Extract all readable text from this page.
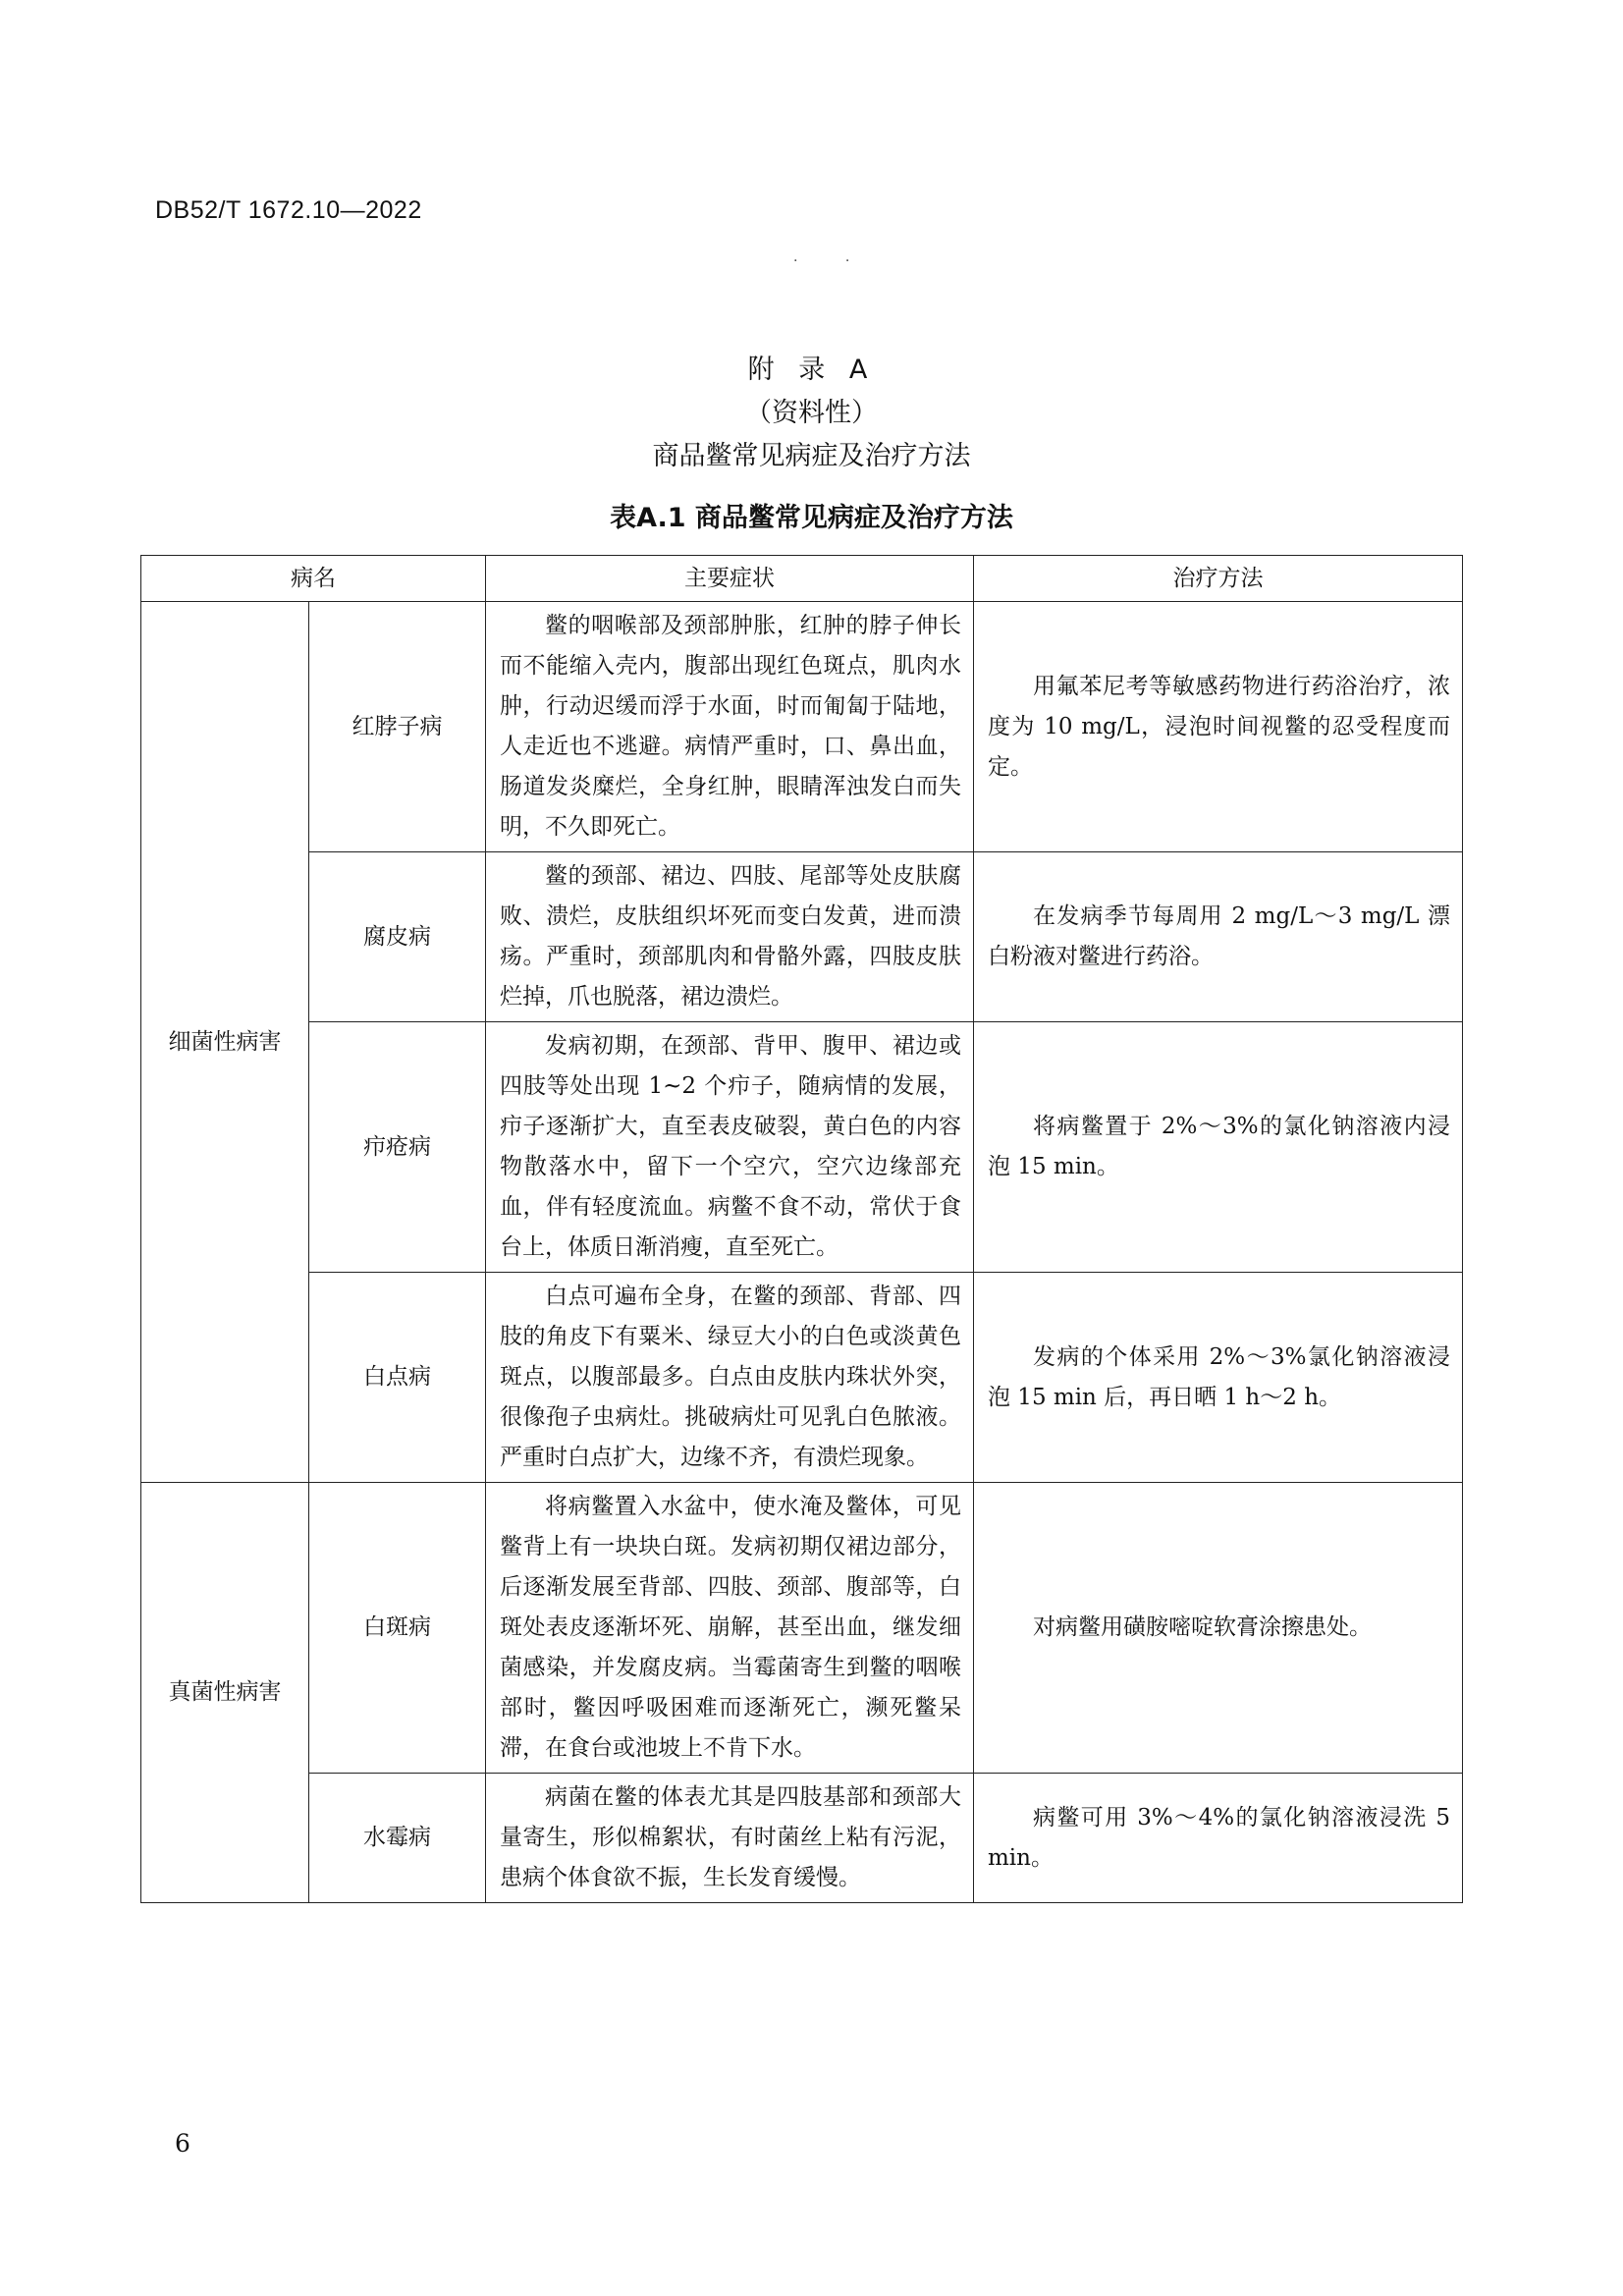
DB52/T 1672.10—2022
. .
附 录 A
（资料性）
商品鳖常见病症及治疗方法
表A.1 商品鳖常见病症及治疗方法
病名		主要症状	治疗方法
细菌性病害	红脖子病	鳖的咽喉部及颈部肿胀，红肿的脖子伸长而不能缩入壳内，腹部出现红色斑点，肌肉水肿，行动迟缓而浮于水面，时而匍匐于陆地，人走近也不逃避。病情严重时，口、鼻出血，肠道发炎糜烂，全身红肿，眼睛浑浊发白而失明，不久即死亡。	用氟苯尼考等敏感药物进行药浴治疗，浓度为 10 mg/L，浸泡时间视鳖的忍受程度而定。
	腐皮病	鳖的颈部、裙边、四肢、尾部等处皮肤腐败、溃烂，皮肤组织坏死而变白发黄，进而溃疡。严重时，颈部肌肉和骨骼外露，四肢皮肤烂掉，爪也脱落，裙边溃烂。	在发病季节每周用 2 mg/L～3 mg/L 漂白粉液对鳖进行药浴。
	疖疮病	发病初期，在颈部、背甲、腹甲、裙边或四肢等处出现 1~2 个疖子，随病情的发展，疖子逐渐扩大，直至表皮破裂，黄白色的内容物散落水中，留下一个空穴，空穴边缘部充血，伴有轻度流血。病鳖不食不动，常伏于食台上，体质日渐消瘦，直至死亡。	将病鳖置于 2%～3%的氯化钠溶液内浸泡 15 min。
	白点病	白点可遍布全身，在鳖的颈部、背部、四肢的角皮下有粟米、绿豆大小的白色或淡黄色斑点，以腹部最多。白点由皮肤内珠状外突，很像孢子虫病灶。挑破病灶可见乳白色脓液。严重时白点扩大，边缘不齐，有溃烂现象。	发病的个体采用 2%～3%氯化钠溶液浸泡 15 min 后，再日晒 1 h～2 h。
真菌性病害	白斑病	将病鳖置入水盆中，使水淹及鳖体，可见鳖背上有一块块白斑。发病初期仅裙边部分，后逐渐发展至背部、四肢、颈部、腹部等，白斑处表皮逐渐坏死、崩解，甚至出血，继发细菌感染，并发腐皮病。当霉菌寄生到鳖的咽喉部时，鳖因呼吸困难而逐渐死亡，濒死鳖呆滞，在食台或池坡上不肯下水。	对病鳖用磺胺嘧啶软膏涂擦患处。
	水霉病	病菌在鳖的体表尤其是四肢基部和颈部大量寄生，形似棉絮状，有时菌丝上粘有污泥，患病个体食欲不振，生长发育缓慢。	病鳖可用 3%～4%的氯化钠溶液浸洗 5 min。
6
